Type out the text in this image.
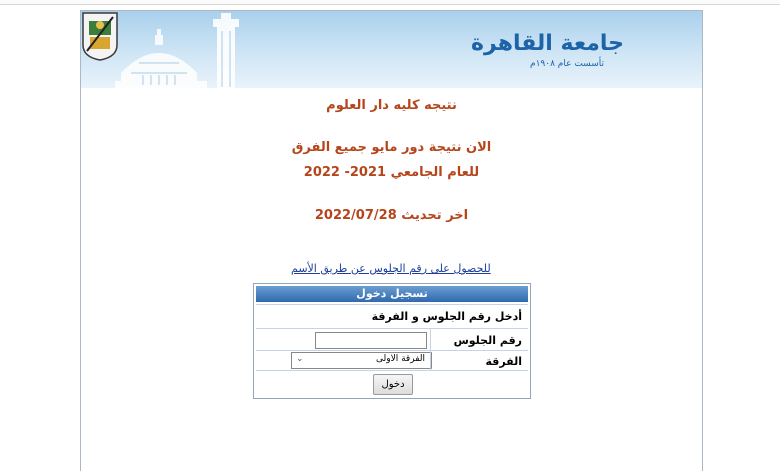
جامعة القاهرة
تأسست عام ١٩٠٨م
نتيجه كليه دار العلوم
الان نتيجة دور مايو جميع الفرق
للعام الجامعي 2021- 2022
اخر تحديث 2022/07/28
للحصول على رقم الجلوس عن طريق الأسم
تسجيل دخول
أدخل رقم الجلوس و الفرقة
رقم الجلوس
الفرقة
الفرقة الاولى
⌄
دخول
